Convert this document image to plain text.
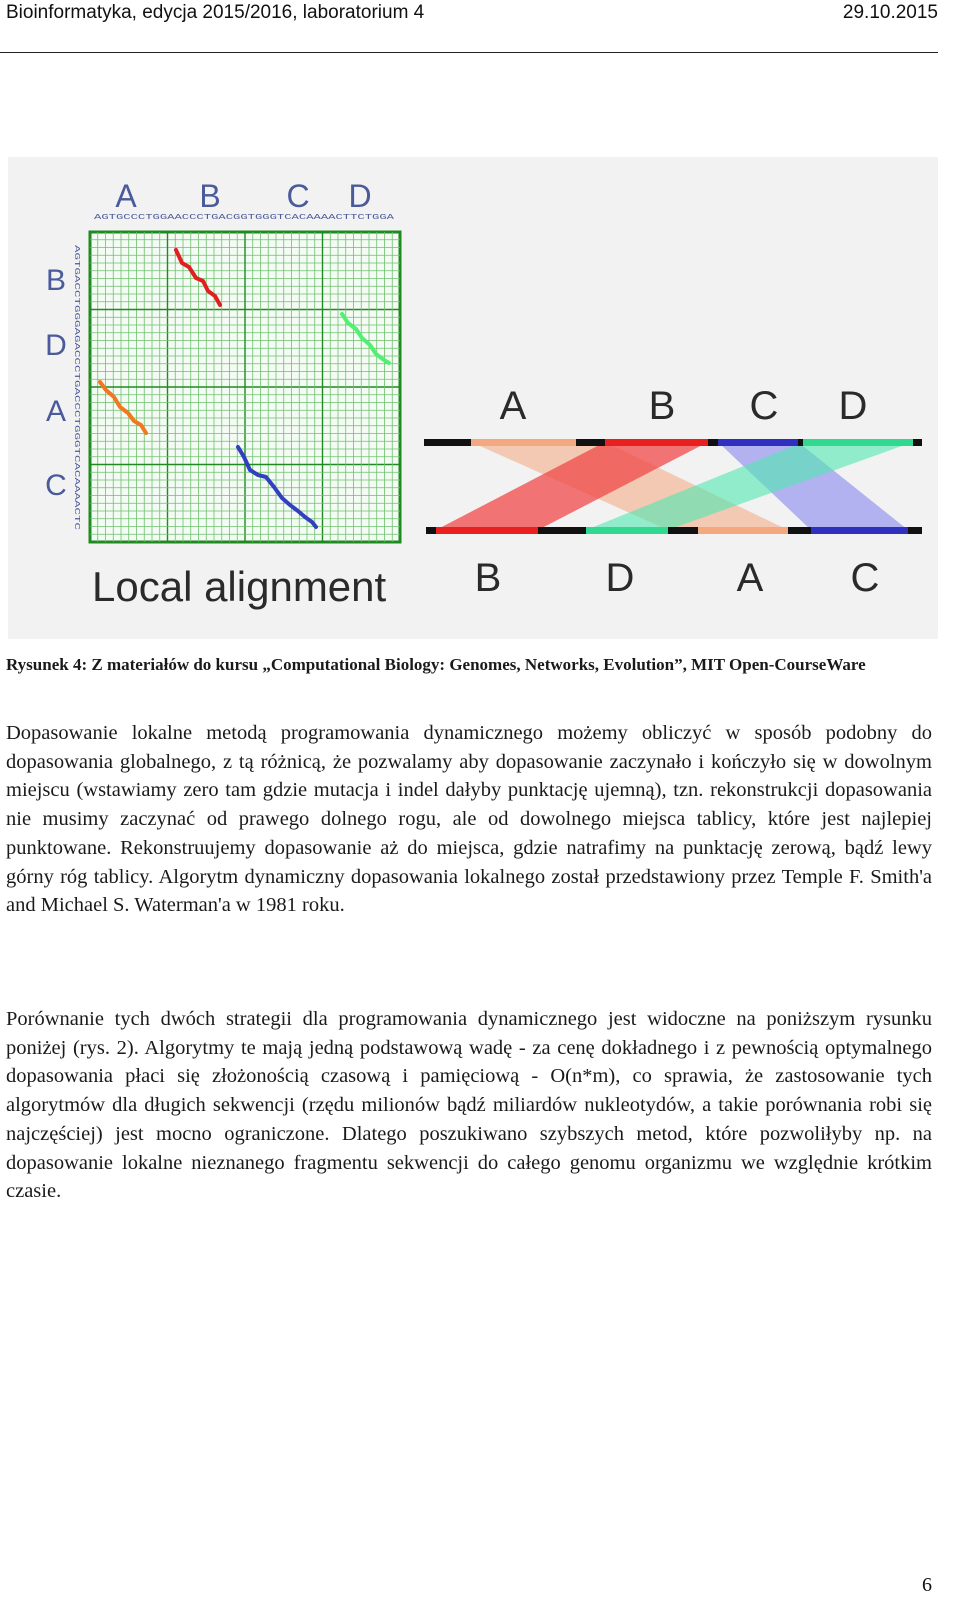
Bioinformatyka, edycja 2015/2016, laboratorium 4	29.10.2015
A B C D
AGTGCCCTGGAACCCTGACGGTGGGTCACAAAACTTCTGGA
B
D
A
C
AGTGACCTGGGAGACCCTGACCCTGGGTCACAAAACTC
Local alignment
A	B C D
B	D	A C
Rysunek 4: Z materiałów do kursu „Computational Biology: Genomes, Networks, Evolution”, MIT Open-CourseWare

Dopasowanie lokalne metodą programowania dynamicznego możemy obliczyć w sposób podobny do dopasowania globalnego, z tą różnicą, że pozwalamy aby dopasowanie zaczynało i kończyło się w dowolnym miejscu (wstawiamy zero tam gdzie mutacja i indel dałyby punktację ujemną), tzn. rekonstrukcji dopasowania nie musimy zaczynać od prawego dolnego rogu, ale od dowolnego miejsca tablicy, które jest najlepiej punktowane. Rekonstruujemy dopasowanie aż do miejsca, gdzie natrafimy na punktację zerową, bądź lewy górny róg tablicy. Algorytm dynamiczny dopasowania lokalnego został przedstawiony przez Temple F. Smith'a and Michael S. Waterman'a w 1981 roku.

Porównanie tych dwóch strategii dla programowania dynamicznego jest widoczne na poniższym rysunku poniżej (rys. 2). Algorytmy te mają jedną podstawową wadę - za cenę dokładnego i z pewnością optymalnego dopasowania płaci się złożonością czasową i pamięciową - O(n*m), co sprawia, że zastosowanie tych algorytmów dla długich sekwencji (rzędu milionów bądź miliardów nukleotydów, a takie porównania robi się najczęściej) jest mocno ograniczone. Dlatego poszukiwano szybszych metod, które pozwoliłyby np. na dopasowanie lokalne nieznanego fragmentu sekwencji do całego genomu organizmu we względnie krótkim czasie.

6
